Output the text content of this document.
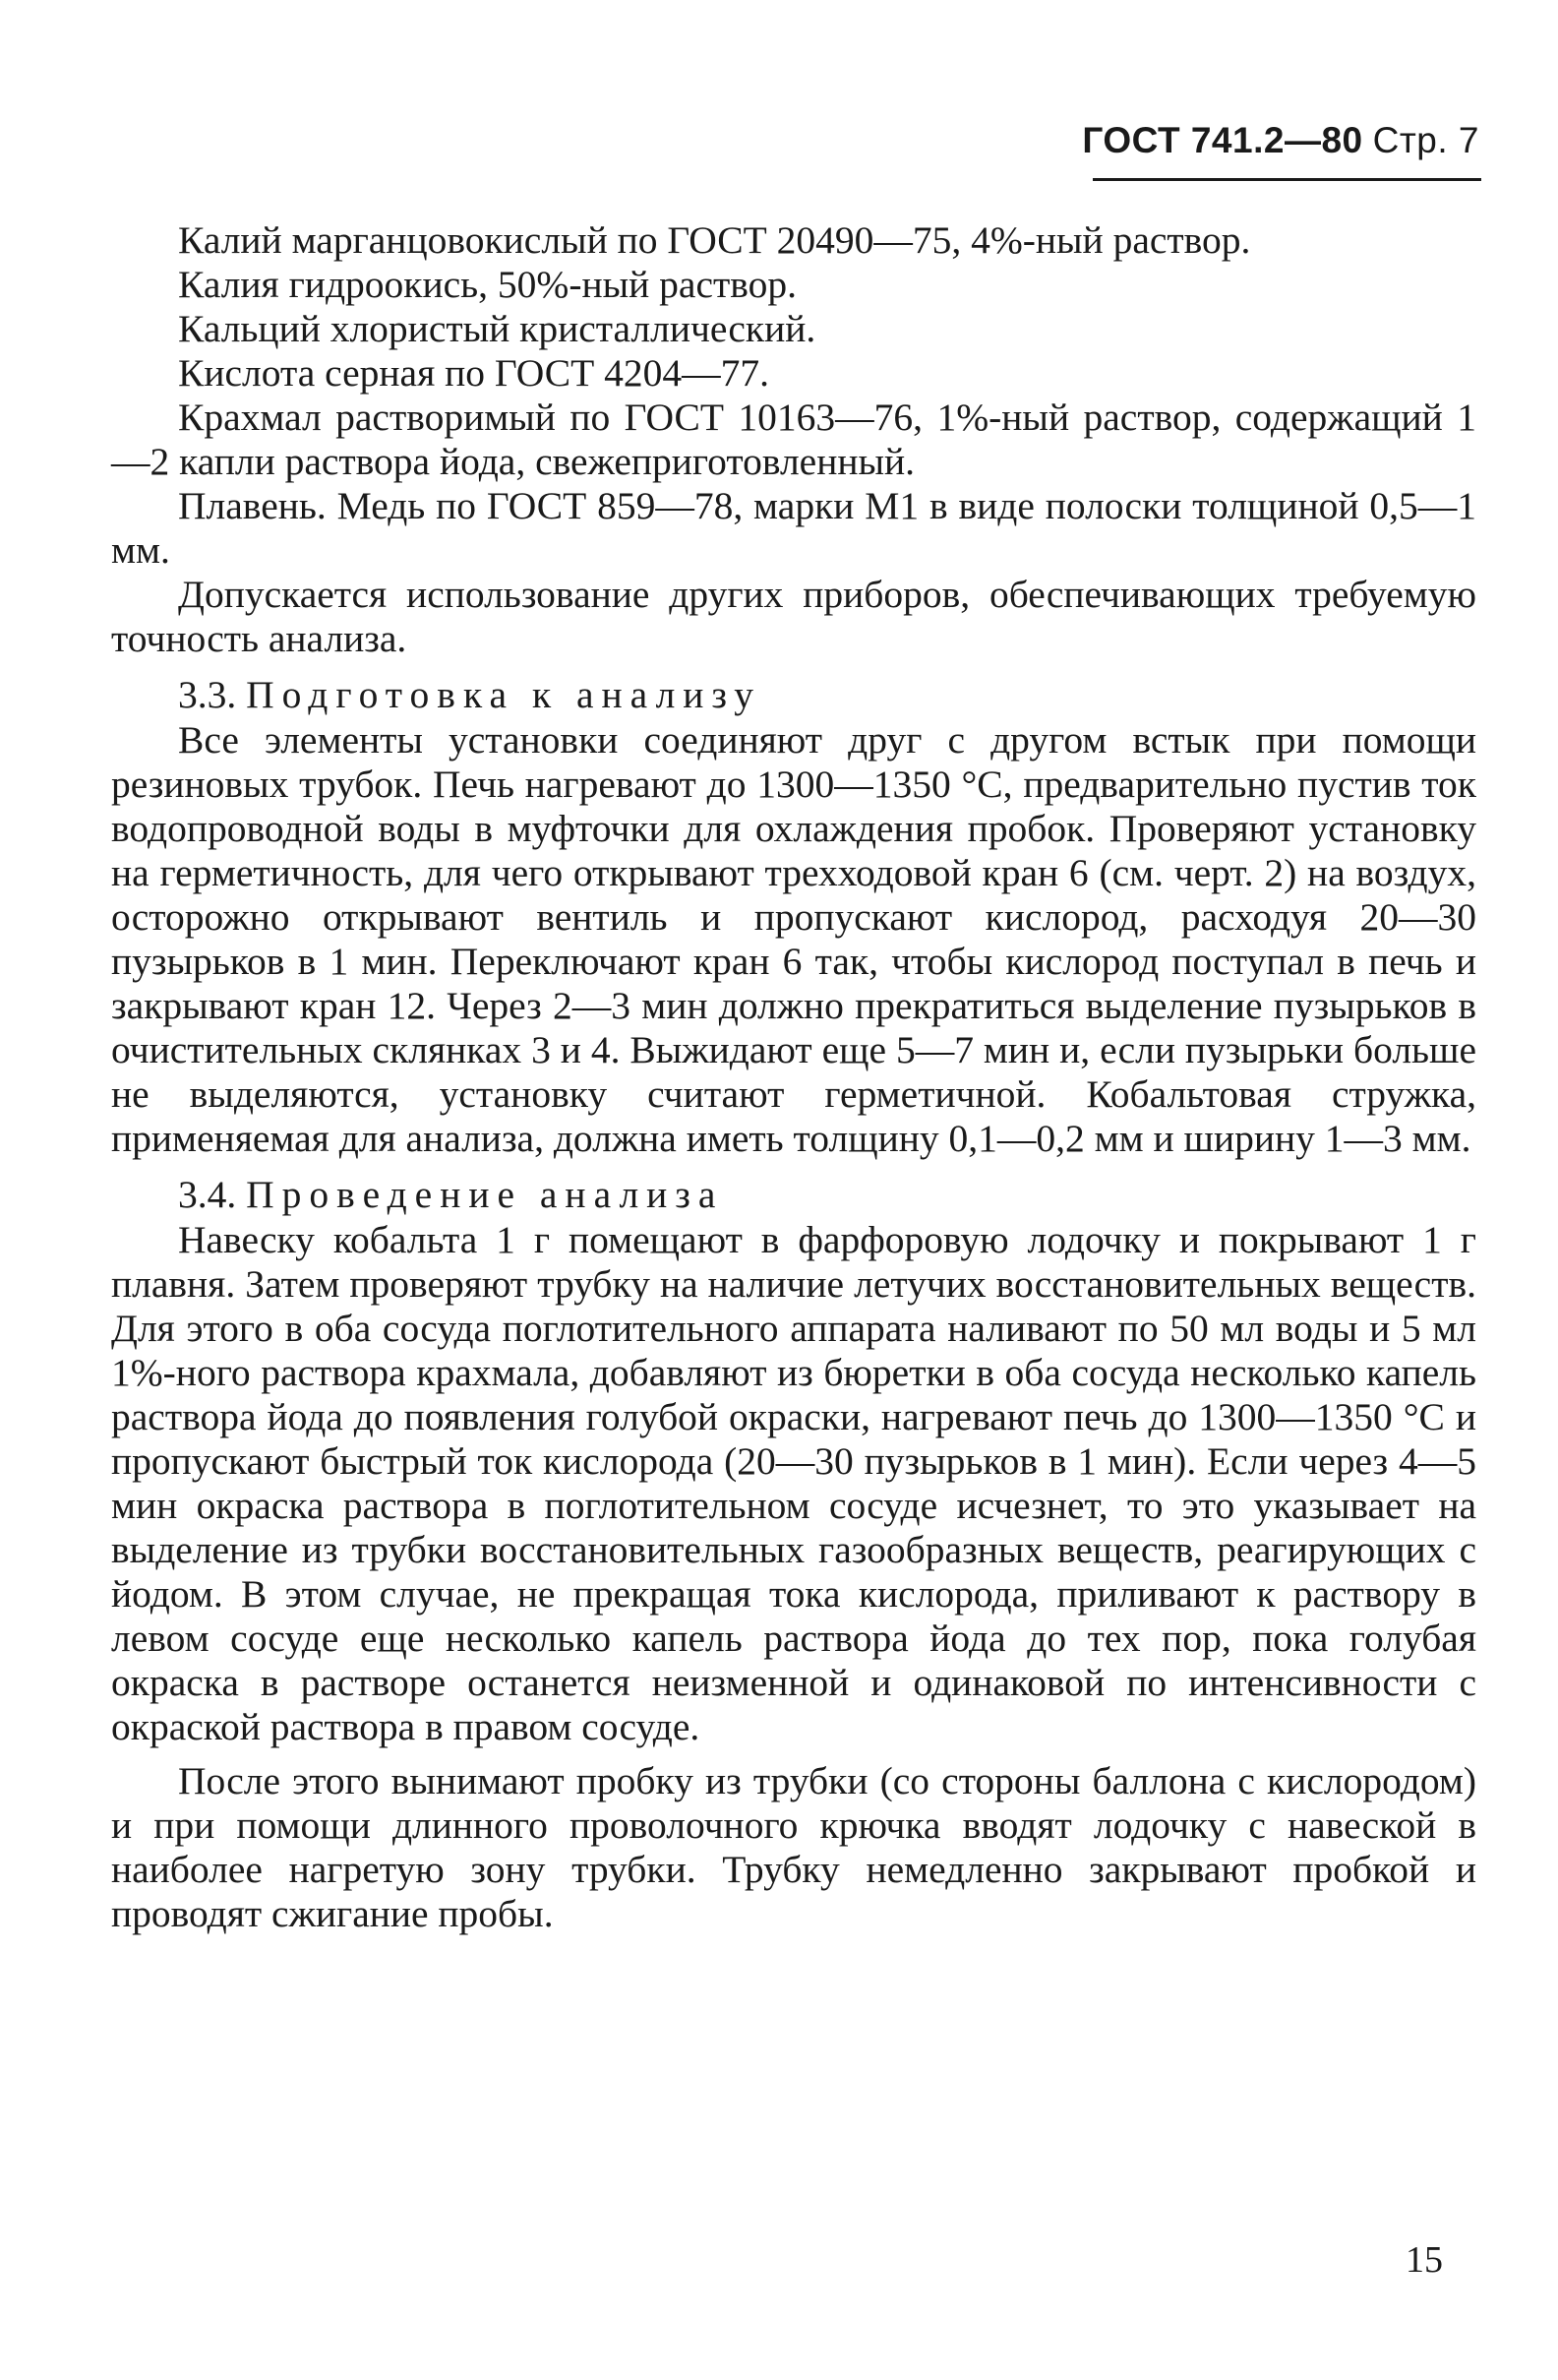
ГОСТ 741.2—80 Стр. 7

Калий марганцовокислый по ГОСТ 20490—75, 4%-ный раствор.

Калия гидроокись, 50%-ный раствор.

Кальций хлористый кристаллический.

Кислота серная по ГОСТ 4204—77.

Крахмал растворимый по ГОСТ 10163—76, 1%-ный раствор, содержащий 1—2 капли раствора йода, свежеприготовленный.

Плавень. Медь по ГОСТ 859—78, марки М1 в виде полоски толщиной 0,5—1 мм.

Допускается использование других приборов, обеспечивающих требуемую точность анализа.

3.3. Подготовка к анализу

Все элементы установки соединяют друг с другом встык при помощи резиновых трубок. Печь нагревают до 1300—1350 °С, предварительно пустив ток водопроводной воды в муфточки для охлаждения пробок. Проверяют установку на герметичность, для чего открывают трехходовой кран 6 (см. черт. 2) на воздух, осторожно открывают вентиль и пропускают кислород, расходуя 20—30 пузырьков в 1 мин. Переключают кран 6 так, чтобы кислород поступал в печь и закрывают кран 12. Через 2—3 мин должно прекратиться выделение пузырьков в очистительных склянках 3 и 4. Выжидают еще 5—7 мин и, если пузырьки больше не выделяются, установку считают герметичной. Кобальтовая стружка, применяемая для анализа, должна иметь толщину 0,1—0,2 мм и ширину 1—3 мм.

3.4. Проведение анализа

Навеску кобальта 1 г помещают в фарфоровую лодочку и покрывают 1 г плавня. Затем проверяют трубку на наличие летучих восстановительных веществ. Для этого в оба сосуда поглотительного аппарата наливают по 50 мл воды и 5 мл 1%-ного раствора крахмала, добавляют из бюретки в оба сосуда несколько капель раствора йода до появления голубой окраски, нагревают печь до 1300—1350 °С и пропускают быстрый ток кислорода (20—30 пузырьков в 1 мин). Если через 4—5 мин окраска раствора в поглотительном сосуде исчезнет, то это указывает на выделение из трубки восстановительных газообразных веществ, реагирующих с йодом. В этом случае, не прекращая тока кислорода, приливают к раствору в левом сосуде еще несколько капель раствора йода до тех пор, пока голубая окраска в растворе останется неизменной и одинаковой по интенсивности с окраской раствора в правом сосуде.

После этого вынимают пробку из трубки (со стороны баллона с кислородом) и при помощи длинного проволочного крючка вводят лодочку с навеской в наиболее нагретую зону трубки. Трубку немедленно закрывают пробкой и проводят сжигание пробы.

15
